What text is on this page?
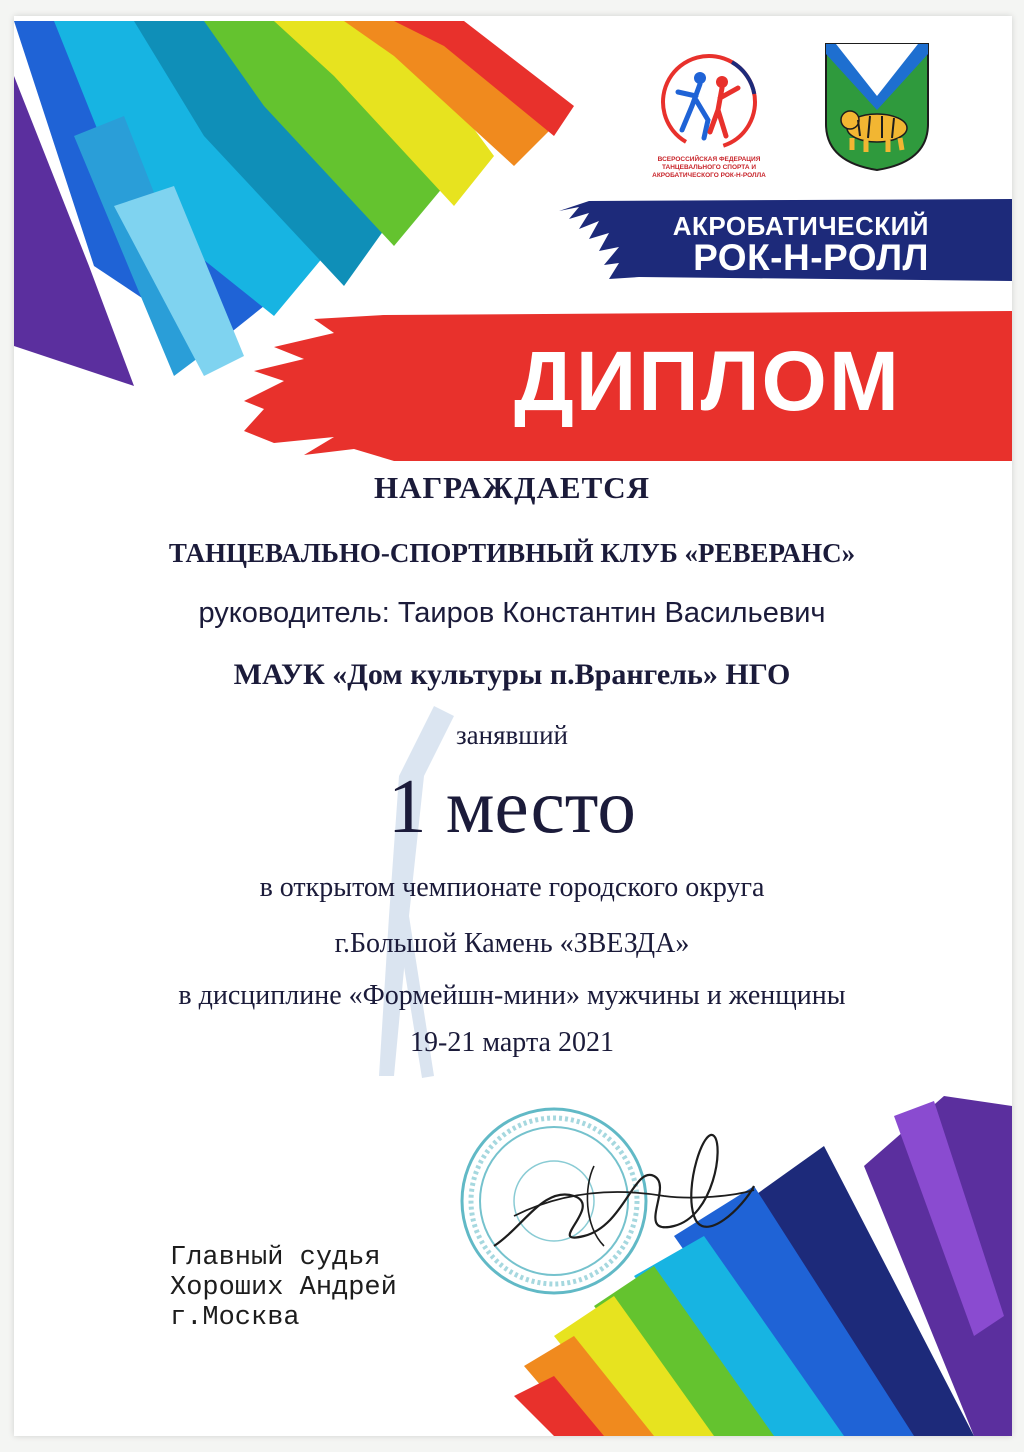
ВСЕРОССИЙСКАЯ ФЕДЕРАЦИЯ
ТАНЦЕВАЛЬНОГО СПОРТА И
АКРОБАТИЧЕСКОГО РОК-Н-РОЛЛА
АКРОБАТИЧЕСКИЙ
РОК-Н-РОЛЛ
ДИПЛОМ
Главный судья
Хороших Андрей
г.Москва
НАГРАЖДАЕТСЯ
ТАНЦЕВАЛЬНО-СПОРТИВНЫЙ КЛУБ «РЕВЕРАНС»
руководитель: Таиров Константин Васильевич
МАУК «Дом культуры п.Врангель» НГО
занявший
1 место
в открытом чемпионате городского округа
г.Большой Камень «ЗВЕЗДА»
в дисциплине «Формейшн-мини» мужчины и женщины
19-21 марта 2021
